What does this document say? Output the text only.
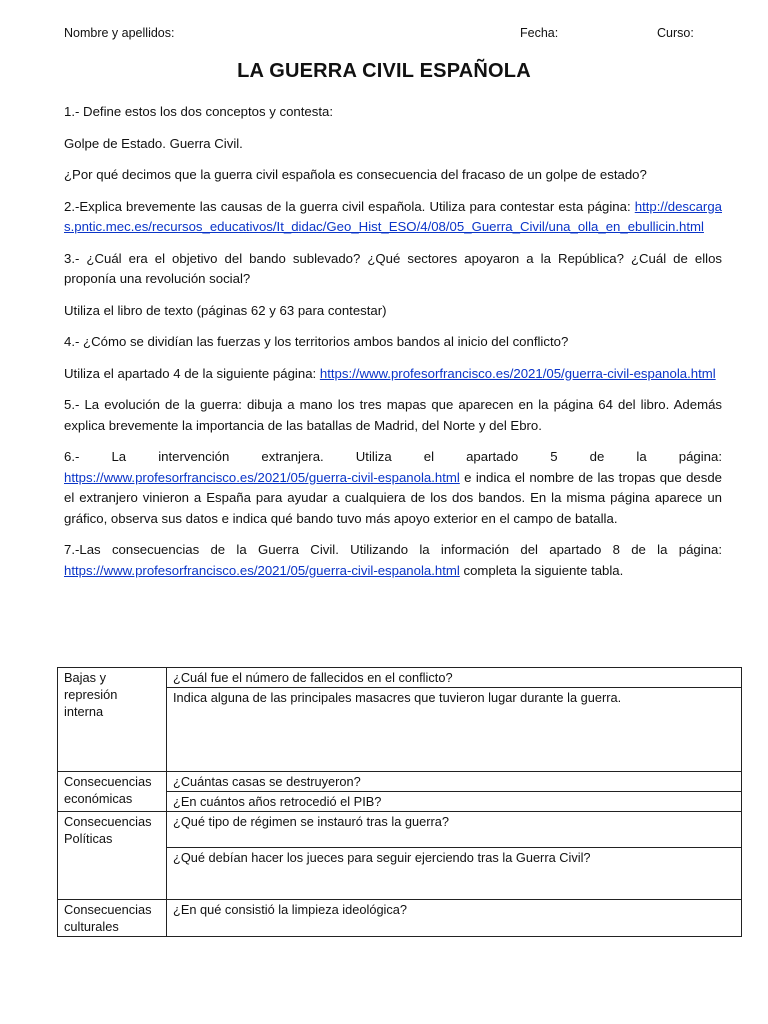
Nombre y apellidos:	Fecha:	Curso:
LA GUERRA CIVIL ESPAÑOLA

1.- Define estos los dos conceptos y contesta:

Golpe de Estado. Guerra Civil.

¿Por qué decimos que la guerra civil española es consecuencia del fracaso de un golpe de estado?

2.-Explica brevemente las causas de la guerra civil española. Utiliza para contestar esta página: http://descargas.pntic.mec.es/recursos_educativos/It_didac/Geo_Hist_ESO/4/08/05_Guerra_Civil/una_olla_en_ebullicin.html

3.- ¿Cuál era el objetivo del bando sublevado? ¿Qué sectores apoyaron a la República? ¿Cuál de ellos proponía una revolución social?

Utiliza el libro de texto (páginas 62 y 63 para contestar)

4.- ¿Cómo se dividían las fuerzas y los territorios ambos bandos al inicio del conflicto?

Utiliza el apartado 4 de la siguiente página: https://www.profesorfrancisco.es/2021/05/guerra-civil-espanola.html

5.- La evolución de la guerra: dibuja a mano los tres mapas que aparecen en la página 64 del libro. Además explica brevemente la importancia de las batallas de Madrid, del Norte y del Ebro.

6.- La intervención extranjera. Utiliza el apartado 5 de la página: https://www.profesorfrancisco.es/2021/05/guerra-civil-espanola.html e indica el nombre de las tropas que desde el extranjero vinieron a España para ayudar a cualquiera de los dos bandos. En la misma página aparece un gráfico, observa sus datos e indica qué bando tuvo más apoyo exterior en el campo de batalla.

7.-Las consecuencias de la Guerra Civil. Utilizando la información del apartado 8 de la página: https://www.profesorfrancisco.es/2021/05/guerra-civil-espanola.html completa la siguiente tabla.

Bajas y represión interna	¿Cuál fue el número de fallecidos en el conflicto?
	Indica alguna de las principales masacres que tuvieron lugar durante la guerra.
Consecuencias económicas	¿Cuántas casas se destruyeron?
	¿En cuántos años retrocedió el PIB?
Consecuencias Políticas	¿Qué tipo de régimen se instauró tras la guerra?
	¿Qué debían hacer los jueces para seguir ejerciendo tras la Guerra Civil?
Consecuencias culturales	¿En qué consistió la limpieza ideológica?
